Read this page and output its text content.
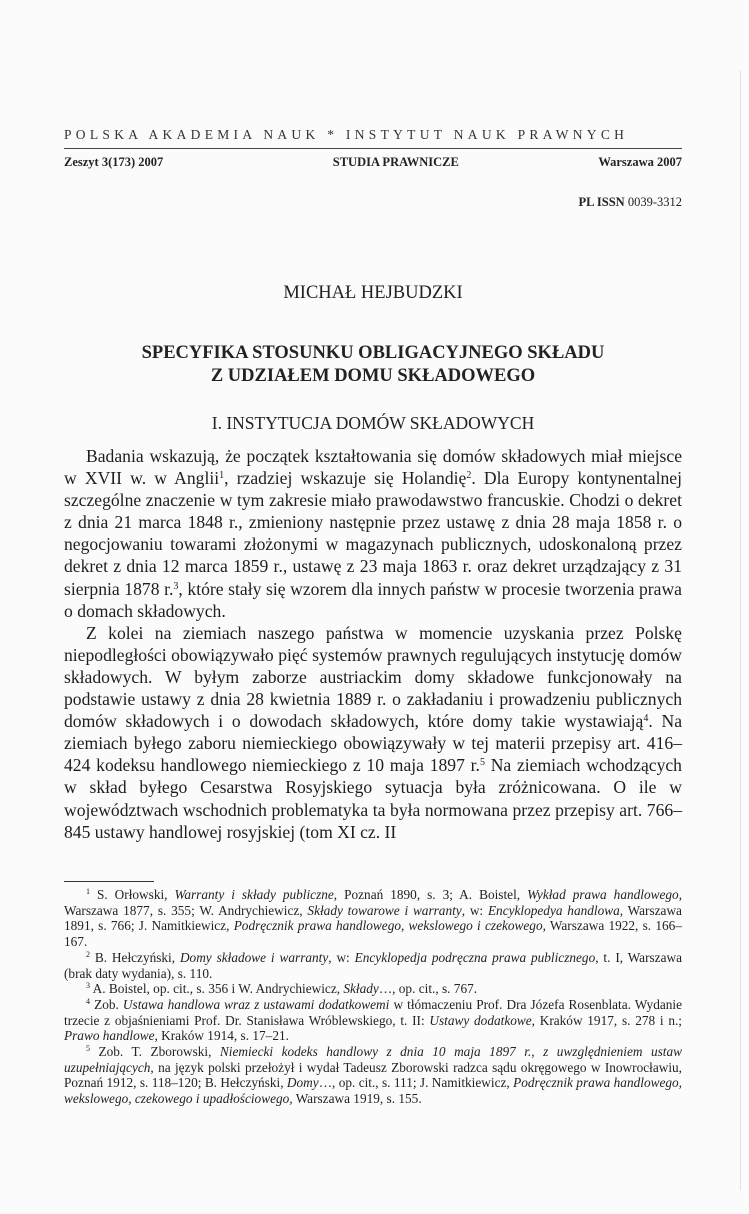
POLSKA AKADEMIA NAUK * INSTYTUT NAUK PRAWNYCH
Zeszyt 3(173) 2007	STUDIA PRAWNICZE	Warszawa 2007
PL ISSN 0039-3312
MICHAŁ HEJBUDZKI
SPECYFIKA STOSUNKU OBLIGACYJNEGO SKŁADU
Z UDZIAŁEM DOMU SKŁADOWEGO
I. INSTYTUCJA DOMÓW SKŁADOWYCH

Badania wskazują, że początek kształtowania się domów składowych miał miejsce w XVII w. w Anglii$^1$, rzadziej wskazuje się Holandię$^2$. Dla Europy kontynentalnej szczególne znaczenie w tym zakresie miało prawodawstwo francuskie. Chodzi o dekret z dnia 21 marca 1848 r., zmieniony następnie przez ustawę z dnia 28 maja 1858 r. o negocjowaniu towarami złożonymi w magazynach publicznych, udoskonaloną przez dekret z dnia 12 marca 1859 r., ustawę z 23 maja 1863 r. oraz dekret urządzający z 31 sierpnia 1878 r.$^3$, które stały się wzorem dla innych państw w procesie tworzenia prawa o domach składowych.

Z kolei na ziemiach naszego państwa w momencie uzyskania przez Polskę niepodległości obowiązywało pięć systemów prawnych regulujących instytucję domów składowych. W byłym zaborze austriackim domy składowe funkcjonowały na podstawie ustawy z dnia 28 kwietnia 1889 r. o zakładaniu i prowadzeniu publicznych domów składowych i o dowodach składowych, które domy takie wystawiają$^4$. Na ziemiach byłego zaboru niemieckiego obowiązywały w tej materii przepisy art. 416–424 kodeksu handlowego niemieckiego z 10 maja 1897 r.$^5$ Na ziemiach wchodzących w skład byłego Cesarstwa Rosyjskiego sytuacja była zróżnicowana. O ile w województwach wschodnich problematyka ta była normowana przez przepisy art. 766–845 ustawy handlowej rosyjskiej (tom XI cz. II

$^1$ S. Orłowski, Warranty i składy publiczne, Poznań 1890, s. 3; A. Boistel, Wykład prawa handlowego, Warszawa 1877, s. 355; W. Andrychiewicz, Składy towarowe i warranty, w: Encyklopedya handlowa, Warszawa 1891, s. 766; J. Namitkiewicz, Podręcznik prawa handlowego, wekslowego i czekowego, Warszawa 1922, s. 166–167.

$^2$ B. Hełczyński, Domy składowe i warranty, w: Encyklopedja podręczna prawa publicznego, t. I, Warszawa (brak daty wydania), s. 110.

$^3$ A. Boistel, op. cit., s. 356 i W. Andrychiewicz, Składy…, op. cit., s. 767.

$^4$ Zob. Ustawa handlowa wraz z ustawami dodatkowemi w tłómaczeniu Prof. Dra Józefa Rosenblata. Wydanie trzecie z objaśnieniami Prof. Dr. Stanisława Wróblewskiego, t. II: Ustawy dodatkowe, Kraków 1917, s. 278 i n.; Prawo handlowe, Kraków 1914, s. 17–21.

$^5$ Zob. T. Zborowski, Niemiecki kodeks handlowy z dnia 10 maja 1897 r., z uwzględnieniem ustaw uzupełniających, na język polski przełożył i wydał Tadeusz Zborowski radzca sądu okręgowego w Inowrocławiu, Poznań 1912, s. 118–120; B. Hełczyński, Domy…, op. cit., s. 111; J. Namitkiewicz, Podręcznik prawa handlowego, wekslowego, czekowego i upadłościowego, Warszawa 1919, s. 155.
